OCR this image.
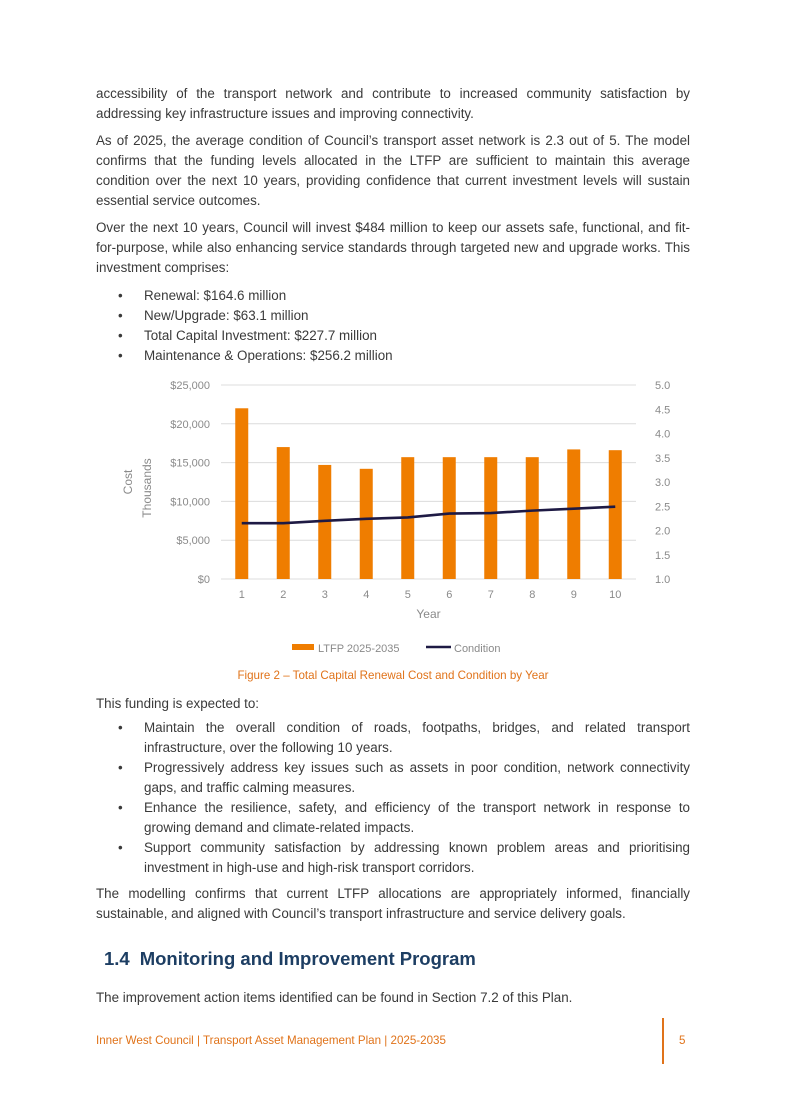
accessibility of the transport network and contribute to increased community satisfaction by addressing key infrastructure issues and improving connectivity.

As of 2025, the average condition of Council’s transport asset network is 2.3 out of 5. The model confirms that the funding levels allocated in the LTFP are sufficient to maintain this average condition over the next 10 years, providing confidence that current investment levels will sustain essential service outcomes.

Over the next 10 years, Council will invest $484 million to keep our assets safe, functional, and fit-for-purpose, while also enhancing service standards through targeted new and upgrade works. This investment comprises:

• Renewal: $164.6 million
• New/Upgrade: $63.1 million
• Total Capital Investment: $227.7 million
• Maintenance & Operations: $256.2 million
$0
$5,000
$10,000
$15,000
$20,000
$25,000
1.0
1.5
2.0
2.5
3.0
3.5
4.0
4.5
5.0
Cost Thousands
Year
1	2	3	4	5	6	7	8	9	10
LTFP 2025-2035	Condition
Figure 2 – Total Capital Renewal Cost and Condition by Year

This funding is expected to:

• Maintain the overall condition of roads, footpaths, bridges, and related transport infrastructure, over the following 10 years.
• Progressively address key issues such as assets in poor condition, network connectivity gaps, and traffic calming measures.
• Enhance the resilience, safety, and efficiency of the transport network in response to growing demand and climate-related impacts.
• Support community satisfaction by addressing known problem areas and prioritising investment in high-use and high-risk transport corridors.

The modelling confirms that current LTFP allocations are appropriately informed, financially sustainable, and aligned with Council’s transport infrastructure and service delivery goals.

1.4 Monitoring and Improvement Program

The improvement action items identified can be found in Section 7.2 of this Plan.

Inner West Council | Transport Asset Management Plan | 2025-2035	5
